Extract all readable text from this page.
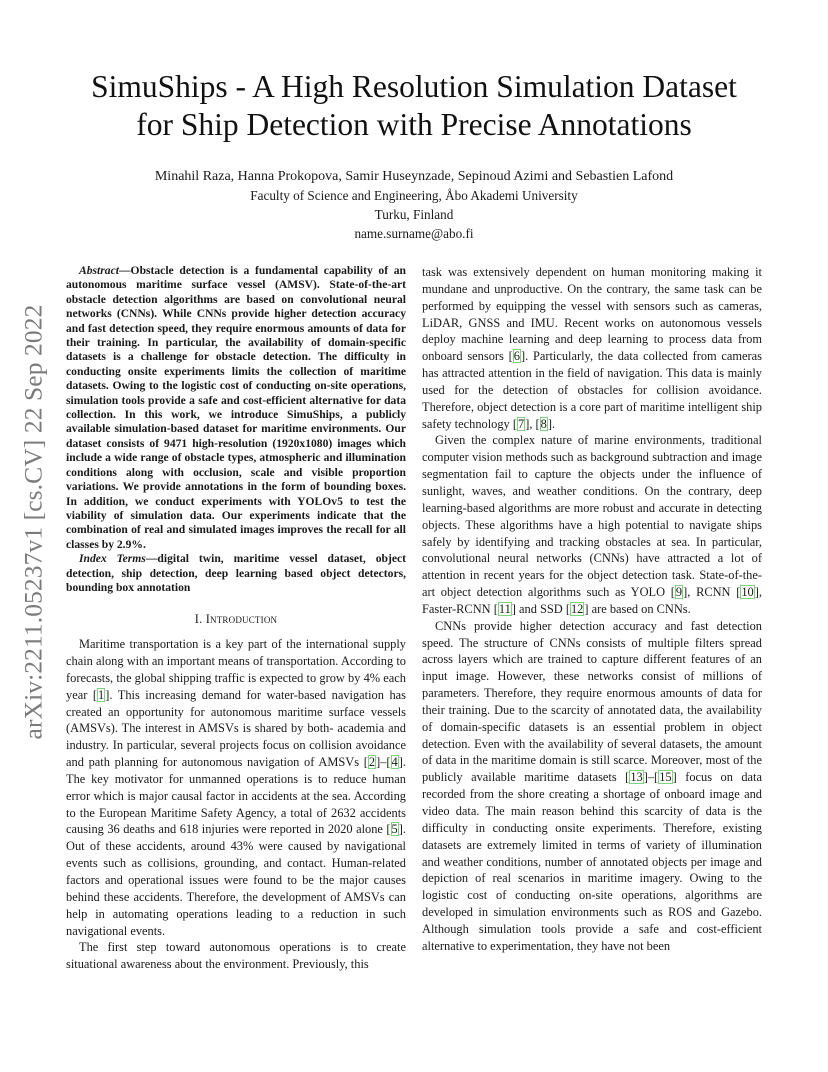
arXiv:2211.05237v1 [cs.CV] 22 Sep 2022
SimuShips - A High Resolution Simulation Dataset
for Ship Detection with Precise Annotations
Minahil Raza, Hanna Prokopova, Samir Huseynzade, Sepinoud Azimi and Sebastien Lafond
Faculty of Science and Engineering, Åbo Akademi University
Turku, Finland
name.surname@abo.fi

Abstract—Obstacle detection is a fundamental capability of an autonomous maritime surface vessel (AMSV). State-of-the-art obstacle detection algorithms are based on convolutional neural networks (CNNs). While CNNs provide higher detection accuracy and fast detection speed, they require enormous amounts of data for their training. In particular, the availability of domain-specific datasets is a challenge for obstacle detection. The difficulty in conducting onsite experiments limits the collection of maritime datasets. Owing to the logistic cost of conducting on-site operations, simulation tools provide a safe and cost-efficient alternative for data collection. In this work, we introduce SimuShips, a publicly available simulation-based dataset for maritime environments. Our dataset consists of 9471 high-resolution (1920x1080) images which include a wide range of obstacle types, atmospheric and illumination conditions along with occlusion, scale and visible proportion variations. We provide annotations in the form of bounding boxes. In addition, we conduct experiments with YOLOv5 to test the viability of simulation data. Our experiments indicate that the combination of real and simulated images improves the recall for all classes by 2.9%.

Index Terms—digital twin, maritime vessel dataset, object detection, ship detection, deep learning based object detectors, bounding box annotation

I. Introduction

Maritime transportation is a key part of the international supply chain along with an important means of transportation. According to forecasts, the global shipping traffic is expected to grow by 4% each year [1]. This increasing demand for water-based navigation has created an opportunity for autonomous maritime surface vessels (AMSVs). The interest in AMSVs is shared by both- academia and industry. In particular, several projects focus on collision avoidance and path planning for autonomous navigation of AMSVs [2]–[4]. The key motivator for unmanned operations is to reduce human error which is major causal factor in accidents at the sea. According to the European Maritime Safety Agency, a total of 2632 accidents causing 36 deaths and 618 injuries were reported in 2020 alone [5]. Out of these accidents, around 43% were caused by navigational events such as collisions, grounding, and contact. Human-related factors and operational issues were found to be the major causes behind these accidents. Therefore, the development of AMSVs can help in automating operations leading to a reduction in such navigational events.

The first step toward autonomous operations is to create situational awareness about the environment. Previously, this

task was extensively dependent on human monitoring making it mundane and unproductive. On the contrary, the same task can be performed by equipping the vessel with sensors such as cameras, LiDAR, GNSS and IMU. Recent works on autonomous vessels deploy machine learning and deep learning to process data from onboard sensors [6]. Particularly, the data collected from cameras has attracted attention in the field of navigation. This data is mainly used for the detection of obstacles for collision avoidance. Therefore, object detection is a core part of maritime intelligent ship safety technology [7], [8].

Given the complex nature of marine environments, traditional computer vision methods such as background subtraction and image segmentation fail to capture the objects under the influence of sunlight, waves, and weather conditions. On the contrary, deep learning-based algorithms are more robust and accurate in detecting objects. These algorithms have a high potential to navigate ships safely by identifying and tracking obstacles at sea. In particular, convolutional neural networks (CNNs) have attracted a lot of attention in recent years for the object detection task. State-of-the-art object detection algorithms such as YOLO [9], RCNN [10], Faster-RCNN [11] and SSD [12] are based on CNNs.

CNNs provide higher detection accuracy and fast detection speed. The structure of CNNs consists of multiple filters spread across layers which are trained to capture different features of an input image. However, these networks consist of millions of parameters. Therefore, they require enormous amounts of data for their training. Due to the scarcity of annotated data, the availability of domain-specific datasets is an essential problem in object detection. Even with the availability of several datasets, the amount of data in the maritime domain is still scarce. Moreover, most of the publicly available maritime datasets [13]–[15] focus on data recorded from the shore creating a shortage of onboard image and video data. The main reason behind this scarcity of data is the difficulty in conducting onsite experiments. Therefore, existing datasets are extremely limited in terms of variety of illumination and weather conditions, number of annotated objects per image and depiction of real scenarios in maritime imagery. Owing to the logistic cost of conducting on-site operations, algorithms are developed in simulation environments such as ROS and Gazebo. Although simulation tools provide a safe and cost-efficient alternative to experimentation, they have not been
